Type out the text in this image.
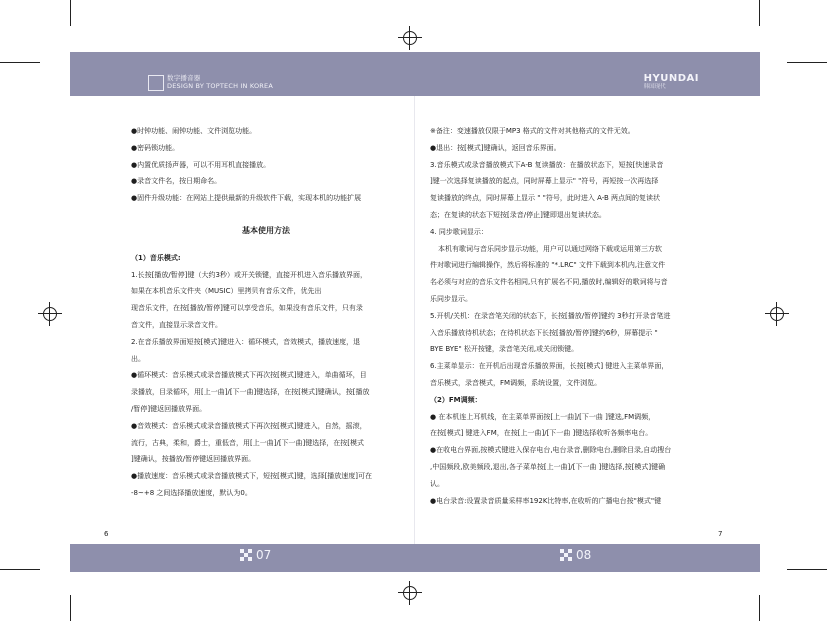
07	08
数字播音器
DESIGN BY TOPTECH IN KOREA
HYUNDAI
韩国现代

●时钟功能、闹钟功能、文件浏览功能。

●密码锁功能。

●内置优质扬声器，可以不用耳机直接播放。

●录音文件名，按日期命名。

●固件升级功能：在网站上提供最新的升级软件下载，实现本机的功能扩展

基本使用方法

（1）音乐模式:

1.长按[播放/暂停]键（大约3秒）或开关锁键，直接开机进入音乐播放界面，

如果在本机音乐文件夹（MUSIC）里拷贝有音乐文件，优先出

现音乐文件，在按[播放/暂停]键可以享受音乐，如果没有音乐文件，只有录

音文件，直接显示录音文件。

2.在音乐播放界面短按[模式]键进入：循环模式，音效模式，播放速度，退

出。

●循环模式：音乐模式或录音播放模式下再次按[模式]键进入，单曲循环，目

录播放，目录循环，用[上一曲]/[下一曲]键选择，在按[模式]键确认，按[播放

/暂停]键返回播放界面。

●音效模式：音乐模式或录音播放模式下再次按[模式]键进入，自然，摇滚，

流行，古典，柔和，爵士，重低音，用[上一曲]/[下一曲]键选择，在按[模式

]键确认，按播放/暂停键返回播放界面。

●播放速度：音乐模式或录音播放模式下，短按[模式]键，选择[播放速度]可在

-8~+8 之间选择播放速度，默认为0。

※备注：变速播放仅限于MP3 格式的文件对其他格式的文件无效。

●退出：按[模式]键确认，返回音乐界面。

3.音乐模式或录音播放模式下A-B 复读播放：在播放状态下，短按[快速录音

]键一次选择复读播放的起点，同时屏幕上显示" "符号，再短按一次再选择

复读播放的终点，同时屏幕上显示 " "符号，此时进入 A-B 两点间的复读状

态；在复读的状态下短按[录音/停止]键即退出复读状态。

4. 同步歌词显示：

本机有歌词与音乐同步显示功能，用户可以通过网络下载或运用第三方软

件对歌词进行编辑操作，然后将标准的 "*.LRC" 文件下载到本机内,注意文件

名必须与对应的音乐文件名相同,只有扩展名不同,播放时,编辑好的歌词将与音

乐同步显示。

5.开机/关机：在录音笔关闭的状态下，长按[播放/暂停]键约 3秒打开录音笔进

入音乐播放待机状态；在待机状态下长按[播放/暂停]键约6秒，屏幕提示 "

BYE BYE" 松开按键，录音笔关闭,或关闭锁键。

6.主菜单显示：在开机后出现音乐播放界面，长按[模式] 键进入主菜单界面，

音乐模式，录音模式，FM调频，系统设置，文件浏览。

（2）FM调频：

● 在本机连上耳机线，在主菜单界面按[上一曲]/[下一曲 ]键选,FM调频，

在按[模式] 键进入FM，在按[上一曲]/[下一曲 ]键选择收听各频率电台。

●在收电台界面,按模式键进入保存电台,电台录音,删除电台,删除目录,自动搜台

,中国频段,欧美频段,退出,各子菜单按[上一曲]/[下一曲 ]键选择,按[模式]键确

认。

●电台录音:设置录音质量采样率192K比特率,在收听的广播电台按"模式"键

6	7
